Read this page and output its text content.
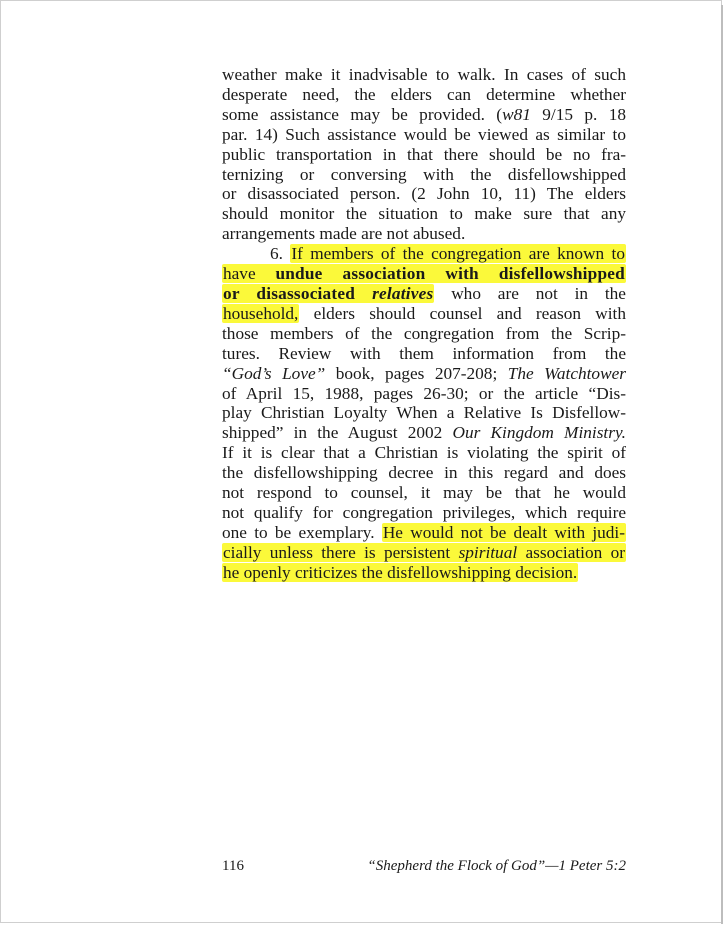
weather make it inadvisable to walk. In cases of such
desperate need, the elders can determine whether
some assistance may be provided. (w81 9/15 p. 18
par. 14) Such assistance would be viewed as similar to
public transportation in that there should be no fra-
ternizing or conversing with the disfellowshipped
or disassociated person. (2 John 10, 11) The elders
should monitor the situation to make sure that any
arrangements made are not abused.
6. If members of the congregation are known to
have undue association with disfellowshipped
or disassociated relatives who are not in the
household, elders should counsel and reason with
those members of the congregation from the Scrip-
tures. Review with them information from the
“God’s Love” book, pages 207-208; The Watchtower
of April 15, 1988, pages 26-30; or the article “Dis-
play Christian Loyalty When a Relative Is Disfellow-
shipped” in the August 2002 Our Kingdom Ministry.
If it is clear that a Christian is violating the spirit of
the disfellowshipping decree in this regard and does
not respond to counsel, it may be that he would
not qualify for congregation privileges, which require
one to be exemplary. He would not be dealt with judi-
cially unless there is persistent spiritual association or
he openly criticizes the disfellowshipping decision.
116	“Shepherd the Flock of God”—1 Peter 5:2
